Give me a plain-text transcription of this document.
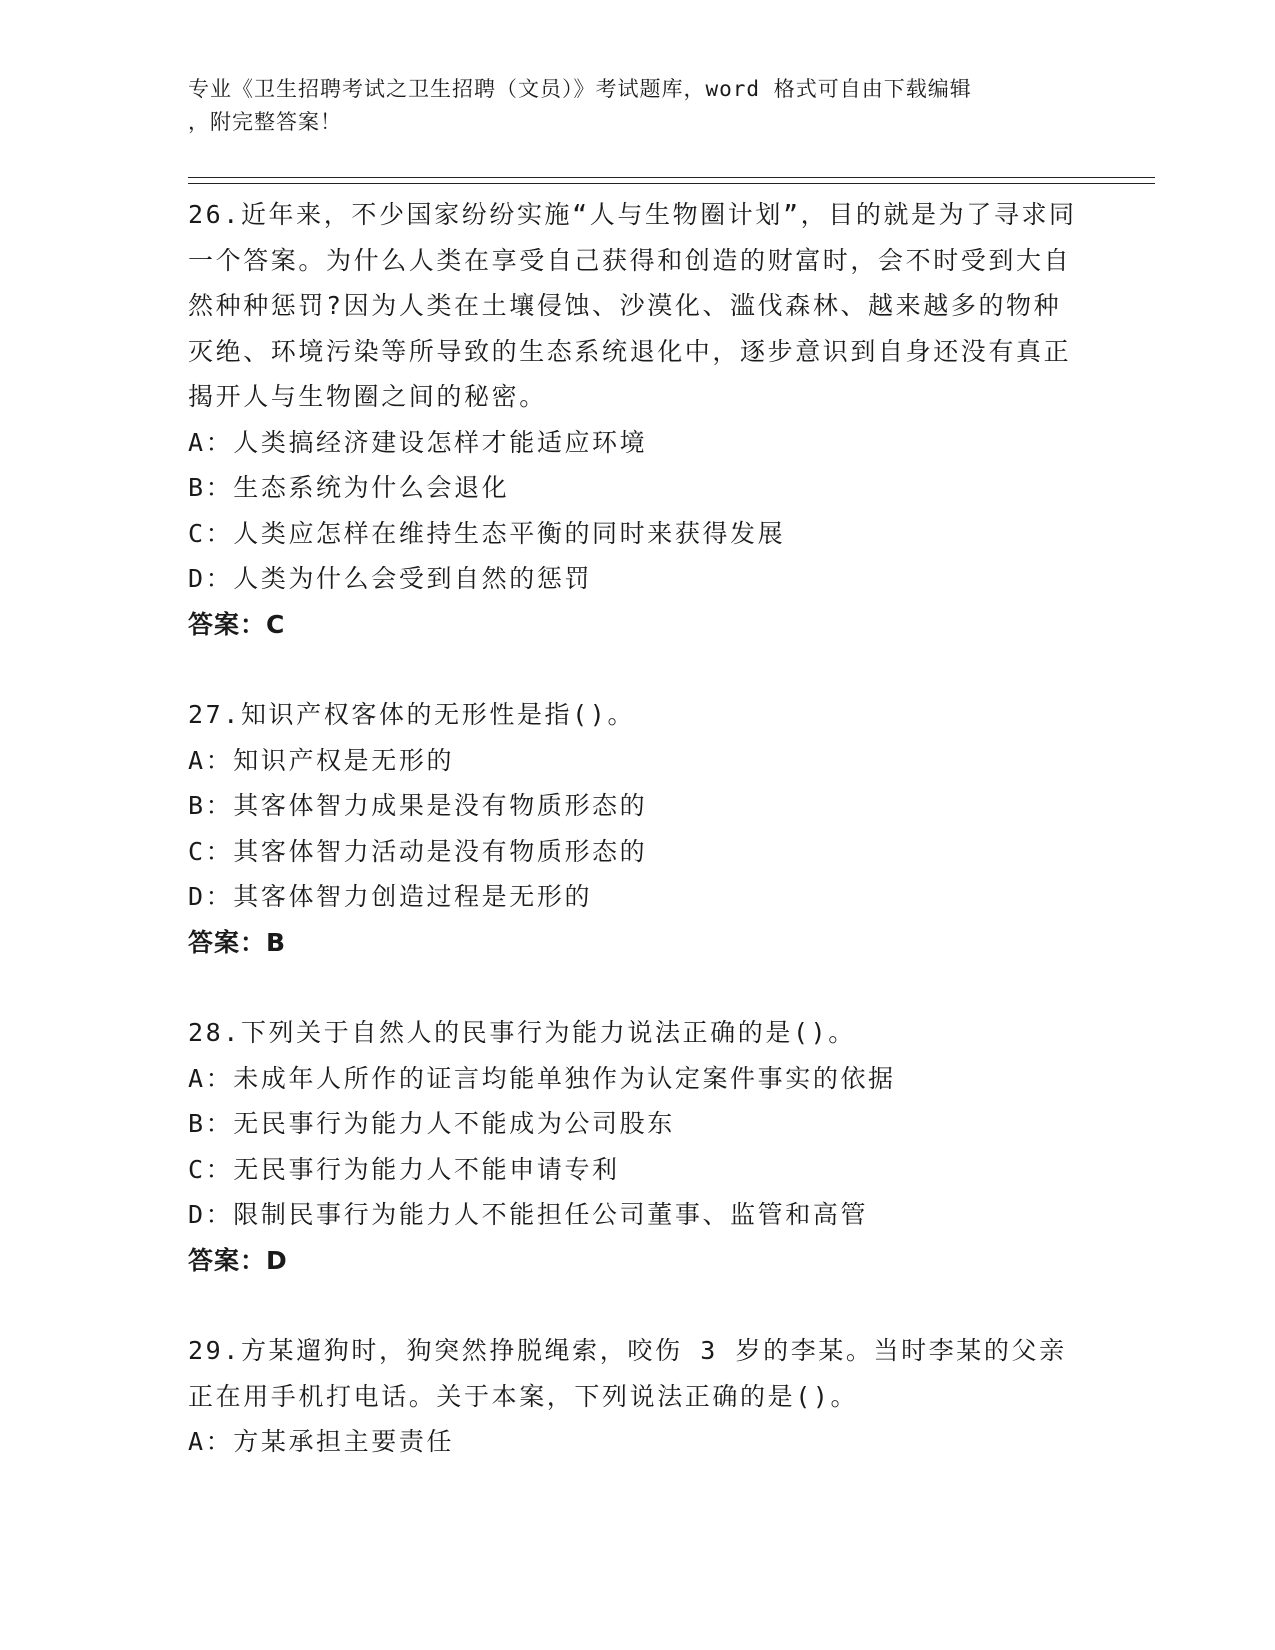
专业《卫生招聘考试之卫生招聘（文员）》考试题库，word 格式可自由下载编辑
，附完整答案！

26.近年来，不少国家纷纷实施“人与生物圈计划”，目的就是为了寻求同一个答案。为什么人类在享受自己获得和创造的财富时，会不时受到大自然种种惩罚?因为人类在土壤侵蚀、沙漠化、滥伐森林、越来越多的物种灭绝、环境污染等所导致的生态系统退化中，逐步意识到自身还没有真正揭开人与生物圈之间的秘密。

A：人类搞经济建设怎样才能适应环境

B：生态系统为什么会退化

C：人类应怎样在维持生态平衡的同时来获得发展

D：人类为什么会受到自然的惩罚

答案：C

27.知识产权客体的无形性是指()。

A：知识产权是无形的

B：其客体智力成果是没有物质形态的

C：其客体智力活动是没有物质形态的

D：其客体智力创造过程是无形的

答案：B

28.下列关于自然人的民事行为能力说法正确的是()。

A：未成年人所作的证言均能单独作为认定案件事实的依据

B：无民事行为能力人不能成为公司股东

C：无民事行为能力人不能申请专利

D：限制民事行为能力人不能担任公司董事、监管和高管

答案：D

29.方某遛狗时，狗突然挣脱绳索，咬伤 3 岁的李某。当时李某的父亲正在用手机打电话。关于本案，下列说法正确的是()。

A：方某承担主要责任
